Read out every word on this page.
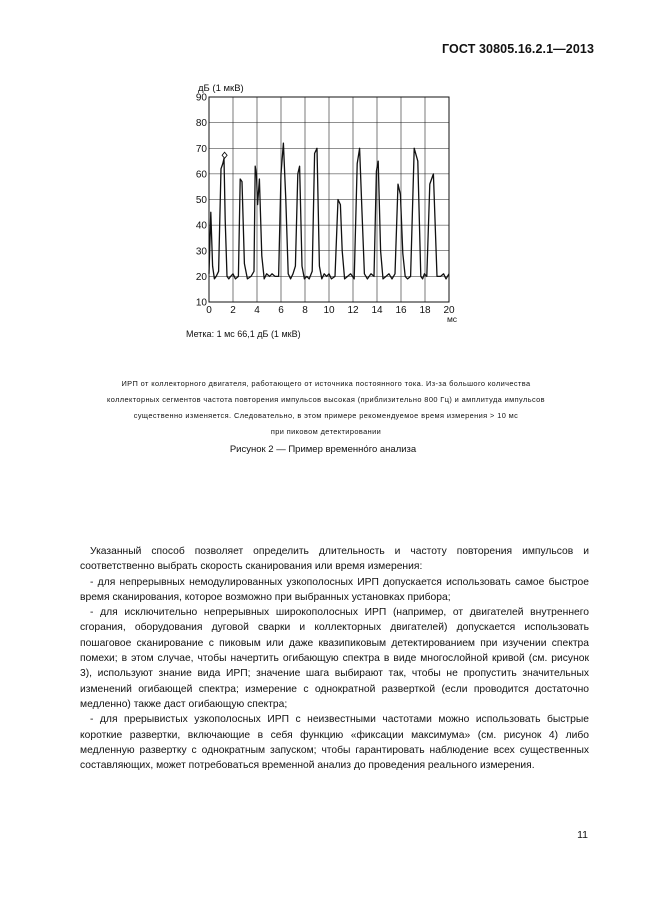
ГОСТ 30805.16.2.1—2013
10
20
30
40
50
60
70
80
90
0 2 4 6 8 10 12 14 16 18 20
дБ (1 мкВ)
мс
Метка: 1 мс 66,1 дБ (1 мкВ)

ИРП от коллекторного двигателя, работающего от источника постоянного тока. Из-за большого количества

коллекторных сегментов частота повторения импульсов высокая (приблизительно 800 Гц) и амплитуда импульсов

существенно изменяется. Следовательно, в этом примере рекомендуемое время измерения > 10 мс

при пиковом детектировании

Рисунок 2 — Пример временно́го анализа

Указанный способ позволяет определить длительность и частоту повторения импульсов и соответственно выбрать скорость сканирования или время измерения:

- для непрерывных немодулированных узкополосных ИРП допускается использовать самое быстрое время сканирования, которое возможно при выбранных установках прибора;

- для исключительно непрерывных широкополосных ИРП (например, от двигателей внутреннего сгорания, оборудования дуговой сварки и коллекторных двигателей) допускается использовать пошаговое сканирование с пиковым или даже квазипиковым детектированием при изучении спектра помехи; в этом случае, чтобы начертить огибающую спектра в виде многослойной кривой (см. рисунок 3), используют знание вида ИРП; значение шага выбирают так, чтобы не пропустить значительных изменений огибающей спектра; измерение с однократной разверткой (если проводится достаточно медленно) также даст огибающую спектра;

- для прерывистых узкополосных ИРП с неизвестными частотами можно использовать быстрые короткие развертки, включающие в себя функцию «фиксации максимума» (см. рисунок 4) либо медленную развертку с однократным запуском; чтобы гарантировать наблюдение всех существенных составляющих, может потребоваться временной анализ до проведения реального измерения.

11
